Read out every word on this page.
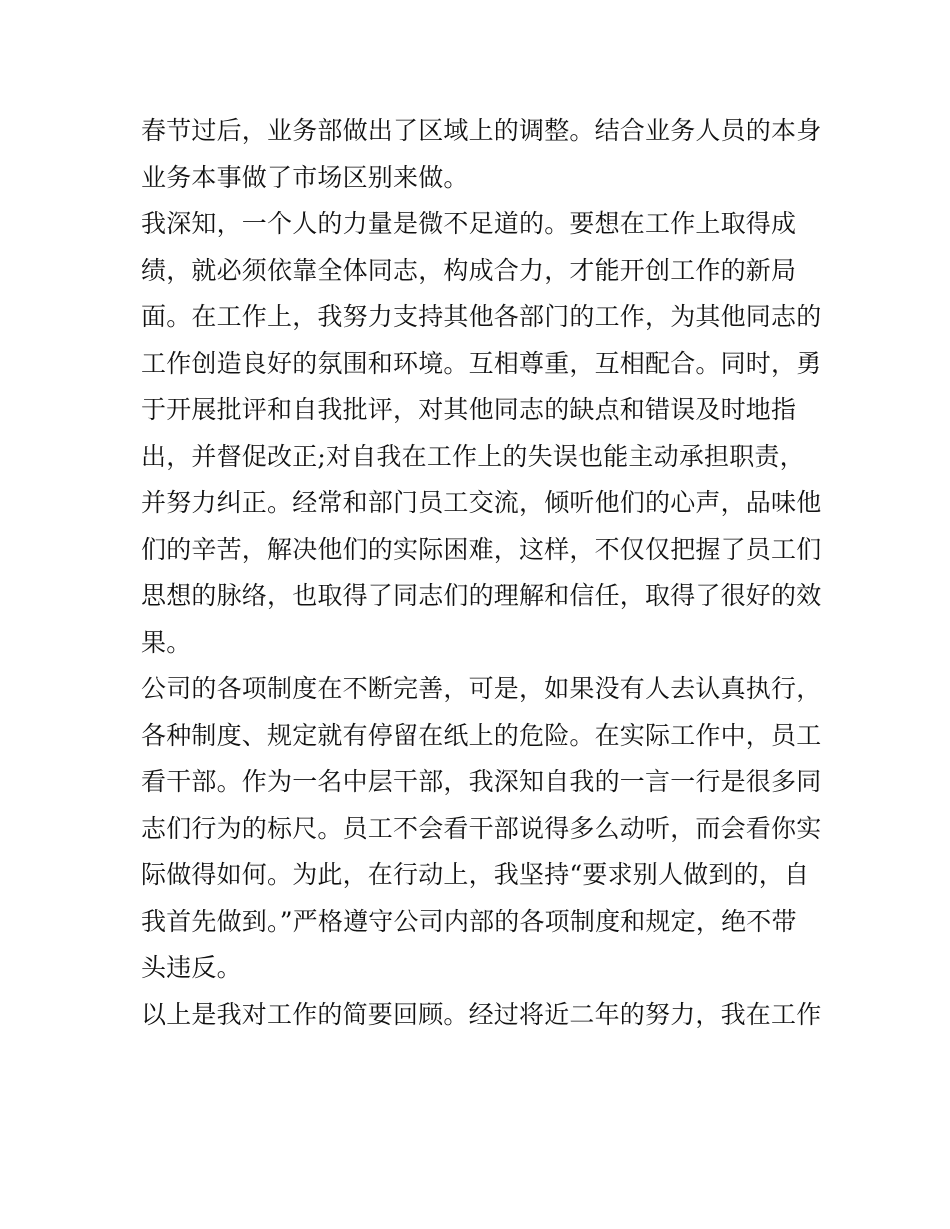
春节过后，业务部做出了区域上的调整。结合业务人员的本身
业务本事做了市场区别来做。
我深知，一个人的力量是微不足道的。要想在工作上取得成
绩，就必须依靠全体同志，构成合力，才能开创工作的新局
面。在工作上，我努力支持其他各部门的工作，为其他同志的
工作创造良好的氛围和环境。互相尊重，互相配合。同时，勇
于开展批评和自我批评，对其他同志的缺点和错误及时地指
出，并督促改正;对自我在工作上的失误也能主动承担职责，
并努力纠正。经常和部门员工交流，倾听他们的心声，品味他
们的辛苦，解决他们的实际困难，这样，不仅仅把握了员工们
思想的脉络，也取得了同志们的理解和信任，取得了很好的效
果。
公司的各项制度在不断完善，可是，如果没有人去认真执行，
各种制度、规定就有停留在纸上的危险。在实际工作中，员工
看干部。作为一名中层干部，我深知自我的一言一行是很多同
志们行为的标尺。员工不会看干部说得多么动听，而会看你实
际做得如何。为此，在行动上，我坚持“要求别人做到的，自
我首先做到。”严格遵守公司内部的各项制度和规定，绝不带
头违反。
以上是我对工作的简要回顾。经过将近二年的努力，我在工作
